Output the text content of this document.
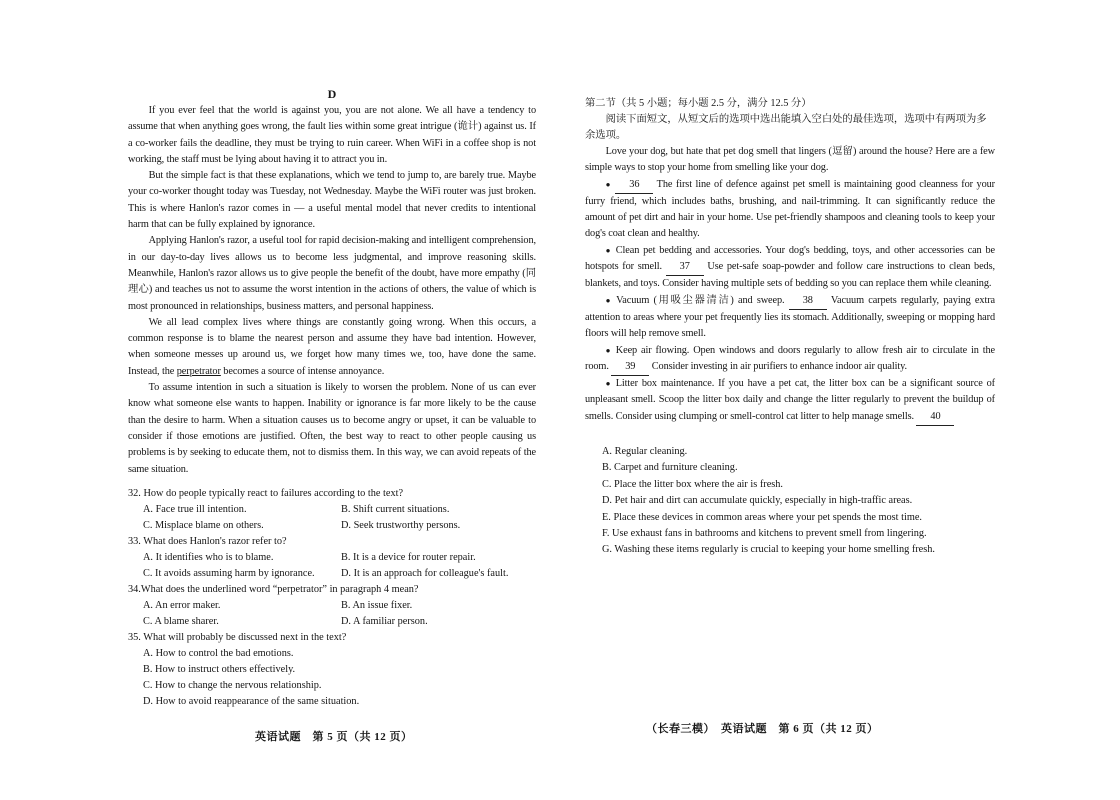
D

If you ever feel that the world is against you, you are not alone. We all have a tendency to assume that when anything goes wrong, the fault lies within some great intrigue (诡计) against us. If a co-worker fails the deadline, they must be trying to ruin career. When WiFi in a coffee shop is not working, the staff must be lying about having it to attract you in.

But the simple fact is that these explanations, which we tend to jump to, are barely true. Maybe your co-worker thought today was Tuesday, not Wednesday. Maybe the WiFi router was just broken. This is where Hanlon's razor comes in — a useful mental model that never credits to intentional harm that can be fully explained by ignorance.

Applying Hanlon's razor, a useful tool for rapid decision-making and intelligent comprehension, in our day-to-day lives allows us to become less judgmental, and improve reasoning skills. Meanwhile, Hanlon's razor allows us to give people the benefit of the doubt, have more empathy (同理心) and teaches us not to assume the worst intention in the actions of others, the value of which is most pronounced in relationships, business matters, and personal happiness.

We all lead complex lives where things are constantly going wrong. When this occurs, a common response is to blame the nearest person and assume they have bad intention. However, when someone messes up around us, we forget how many times we, too, have done the same. Instead, the perpetrator becomes a source of intense annoyance.

To assume intention in such a situation is likely to worsen the problem. None of us can ever know what someone else wants to happen. Inability or ignorance is far more likely to be the cause than the desire to harm. When a situation causes us to become angry or upset, it can be valuable to consider if those emotions are justified. Often, the best way to react to other people causing us problems is by seeking to educate them, not to dismiss them. In this way, we can avoid repeats of the same situation.

32. How do people typically react to failures according to the text?

A. Face true ill intention.	B. Shift current situations.
C. Misplace blame on others.	D. Seek trustworthy persons.

33. What does Hanlon's razor refer to?

A. It identifies who is to blame.	B. It is a device for router repair.
C. It avoids assuming harm by ignorance.	D. It is an approach for colleague's fault.

34.What does the underlined word “perpetrator” in paragraph 4 mean?

A. An error maker.	B. An issue fixer.
C. A blame sharer.	D. A familiar person.

35. What will probably be discussed next in the text?

A. How to control the bad emotions.
B. How to instruct others effectively.
C. How to change the nervous relationship.
D. How to avoid reappearance of the same situation.
英语试题　第 5 页（共 12 页）

第二节（共 5 小题；每小题 2.5 分，满分 12.5 分）

阅读下面短文，从短文后的选项中选出能填入空白处的最佳选项，选项中有两项为多余选项。

Love your dog, but hate that pet dog smell that lingers (逗留) around the house? Here are a few simple ways to stop your home from smelling like your dog.

● 36 The first line of defence against pet smell is maintaining good cleanness for your furry friend, which includes baths, brushing, and nail-trimming. It can significantly reduce the amount of pet dirt and hair in your home. Use pet-friendly shampoos and cleaning tools to keep your dog's coat clean and healthy.

● Clean pet bedding and accessories. Your dog's bedding, toys, and other accessories can be hotspots for smell. 37 Use pet-safe soap-powder and follow care instructions to clean beds, blankets, and toys. Consider having multiple sets of bedding so you can replace them while cleaning.

● Vacuum (用吸尘器清洁) and sweep. 38 Vacuum carpets regularly, paying extra attention to areas where your pet frequently lies its stomach. Additionally, sweeping or mopping hard floors will help remove smell.

● Keep air flowing. Open windows and doors regularly to allow fresh air to circulate in the room. 39 Consider investing in air purifiers to enhance indoor air quality.

● Litter box maintenance. If you have a pet cat, the litter box can be a significant source of unpleasant smell. Scoop the litter box daily and change the litter regularly to prevent the buildup of smells. Consider using clumping or smell-control cat litter to help manage smells. 40

A. Regular cleaning.
B. Carpet and furniture cleaning.
C. Place the litter box where the air is fresh.
D. Pet hair and dirt can accumulate quickly, especially in high-traffic areas.
E. Place these devices in common areas where your pet spends the most time.
F. Use exhaust fans in bathrooms and kitchens to prevent smell from lingering.
G. Washing these items regularly is crucial to keeping your home smelling fresh.
（长春三模）　英语试题　第 6 页（共 12 页）
